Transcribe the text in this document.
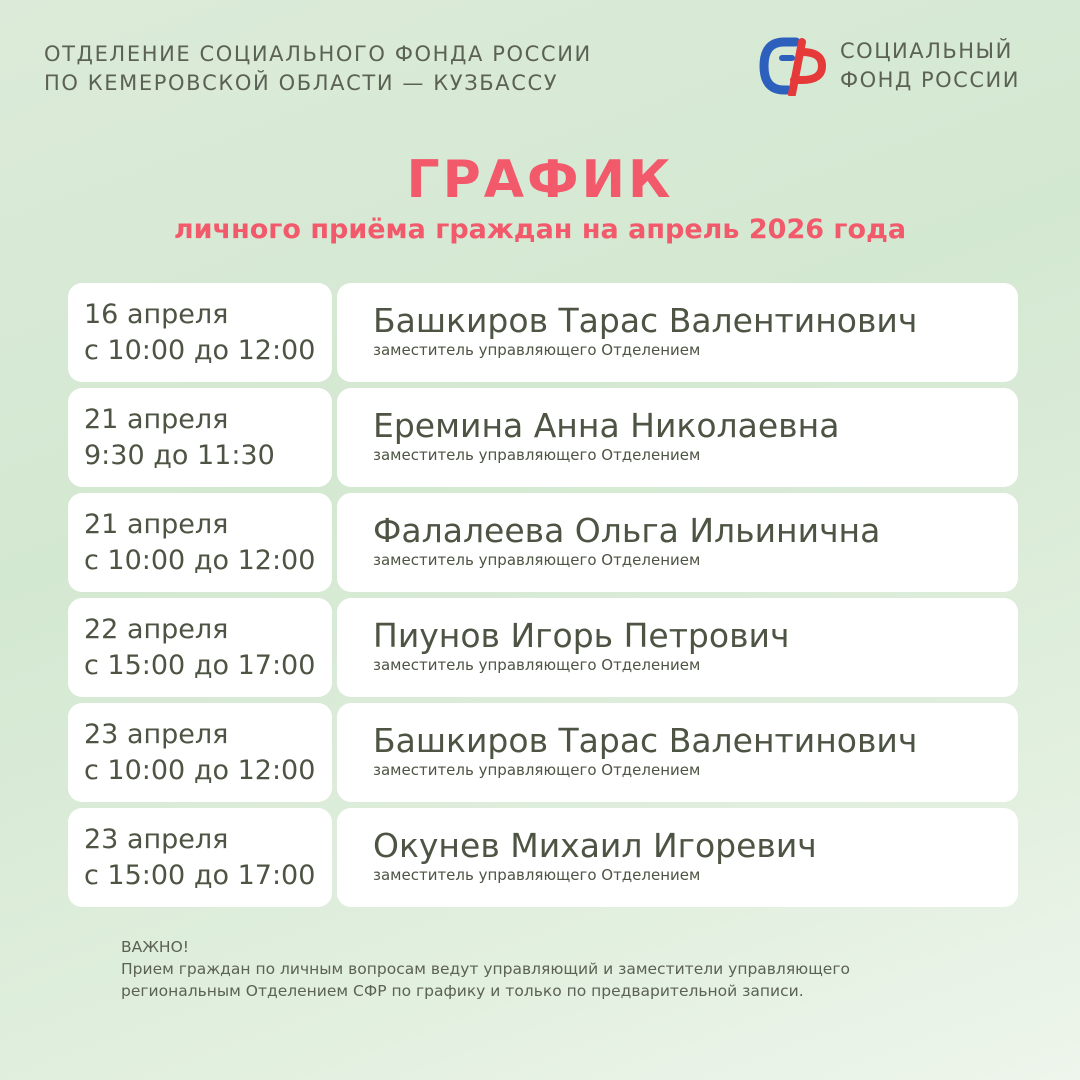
ОТДЕЛЕНИЕ СОЦИАЛЬНОГО ФОНДА РОССИИ
ПО КЕМЕРОВСКОЙ ОБЛАСТИ — КУЗБАССУ
СОЦИАЛЬНЫЙ
ФОНД РОССИИ
ГРАФИК
личного приёма граждан на апрель 2026 года
16 апреля
с 10:00 до 12:00
Башкиров Тарас Валентинович
заместитель управляющего Отделением
21 апреля
9:30 до 11:30
Еремина Анна Николаевна
заместитель управляющего Отделением
21 апреля
с 10:00 до 12:00
Фалалеева Ольга Ильинична
заместитель управляющего Отделением
22 апреля
с 15:00 до 17:00
Пиунов Игорь Петрович
заместитель управляющего Отделением
23 апреля
с 10:00 до 12:00
Башкиров Тарас Валентинович
заместитель управляющего Отделением
23 апреля
с 15:00 до 17:00
Окунев Михаил Игоревич
заместитель управляющего Отделением
ВАЖНО!
Прием граждан по личным вопросам ведут управляющий и заместители управляющего
региональным Отделением СФР по графику и только по предварительной записи.
